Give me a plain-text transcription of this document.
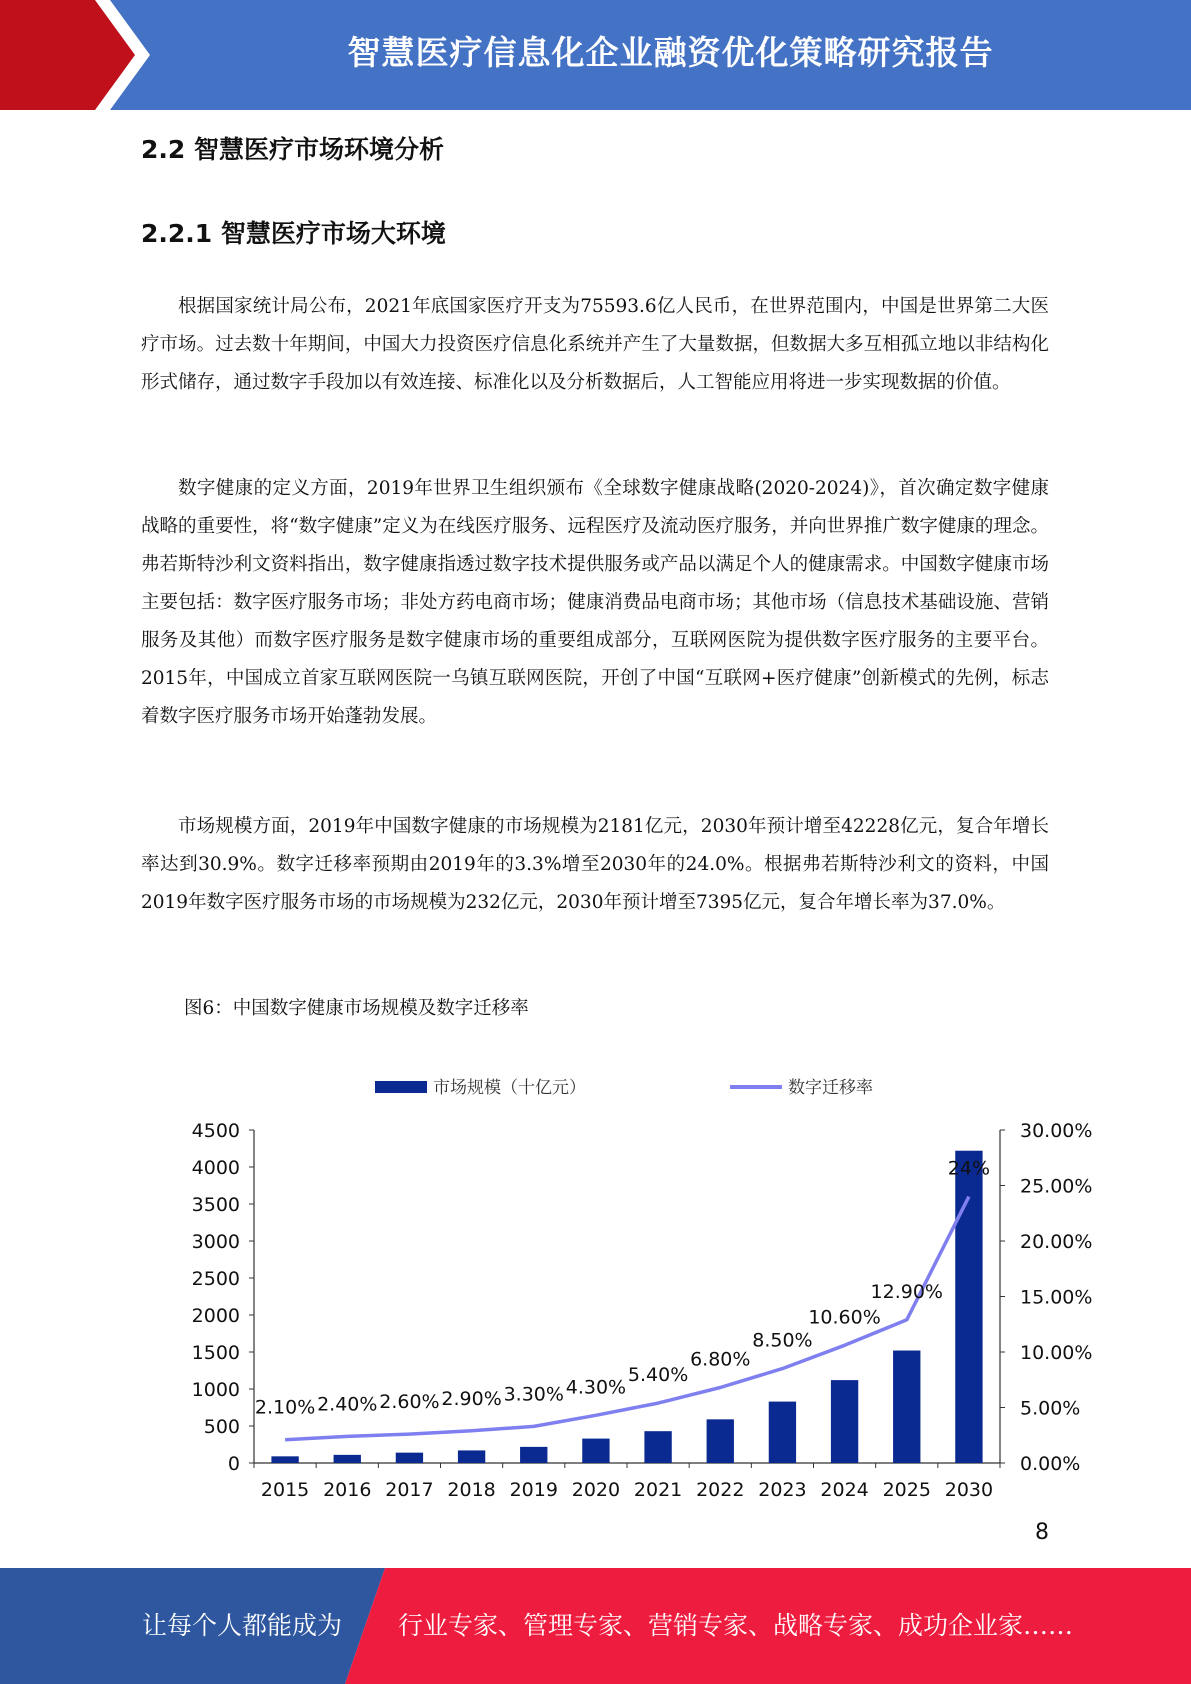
智慧医疗信息化企业融资优化策略研究报告
2.2 智慧医疗市场环境分析
2.2.1 智慧医疗市场大环境

根据国家统计局公布，2021年底国家医疗开支为75593.6亿人民币，在世界范围内，中国是世界第二大医疗市场。过去数十年期间，中国大力投资医疗信息化系统并产生了大量数据，但数据大多互相孤立地以非结构化形式储存，通过数字手段加以有效连接、标准化以及分析数据后，人工智能应用将进一步实现数据的价值。

数字健康的定义方面，2019年世界卫生组织颁布《全球数字健康战略(2020-2024)》，首次确定数字健康战略的重要性，将“数字健康”定义为在线医疗服务、远程医疗及流动医疗服务，并向世界推广数字健康的理念。弗若斯特沙利文资料指出，数字健康指透过数字技术提供服务或产品以满足个人的健康需求。中国数字健康市场主要包括：数字医疗服务市场；非处方药电商市场；健康消费品电商市场；其他市场（信息技术基础设施、营销服务及其他）而数字医疗服务是数字健康市场的重要组成部分，互联网医院为提供数字医疗服务的主要平台。2015年，中国成立首家互联网医院一乌镇互联网医院，开创了中国“互联网+医疗健康”创新模式的先例，标志着数字医疗服务市场开始蓬勃发展。

市场规模方面，2019年中国数字健康的市场规模为2181亿元，2030年预计增至42228亿元，复合年增长率达到30.9%。数字迁移率预期由2019年的3.3%增至2030年的24.0%。根据弗若斯特沙利文的资料，中国2019年数字医疗服务市场的市场规模为232亿元，2030年预计增至7395亿元，复合年增长率为37.0%。

图6：中国数字健康市场规模及数字迁移率
市场规模（十亿元）	数字迁移率
0
500
1000
1500
2000
2500
3000
3500
4000
4500
0.00%
5.00%
10.00%
15.00%
20.00%
25.00%
30.00%
2015 2016 2017 2018 2019 2020 2021 2022 2023 2024 2025 2030
2.10% 2.40% 2.60% 2.90% 3.30% 4.30%
5.40%
6.80%
8.50%
10.60%
12.90%
24%
8
让每个人都能成为 行业专家、管理专家、营销专家、战略专家、成功企业家……
